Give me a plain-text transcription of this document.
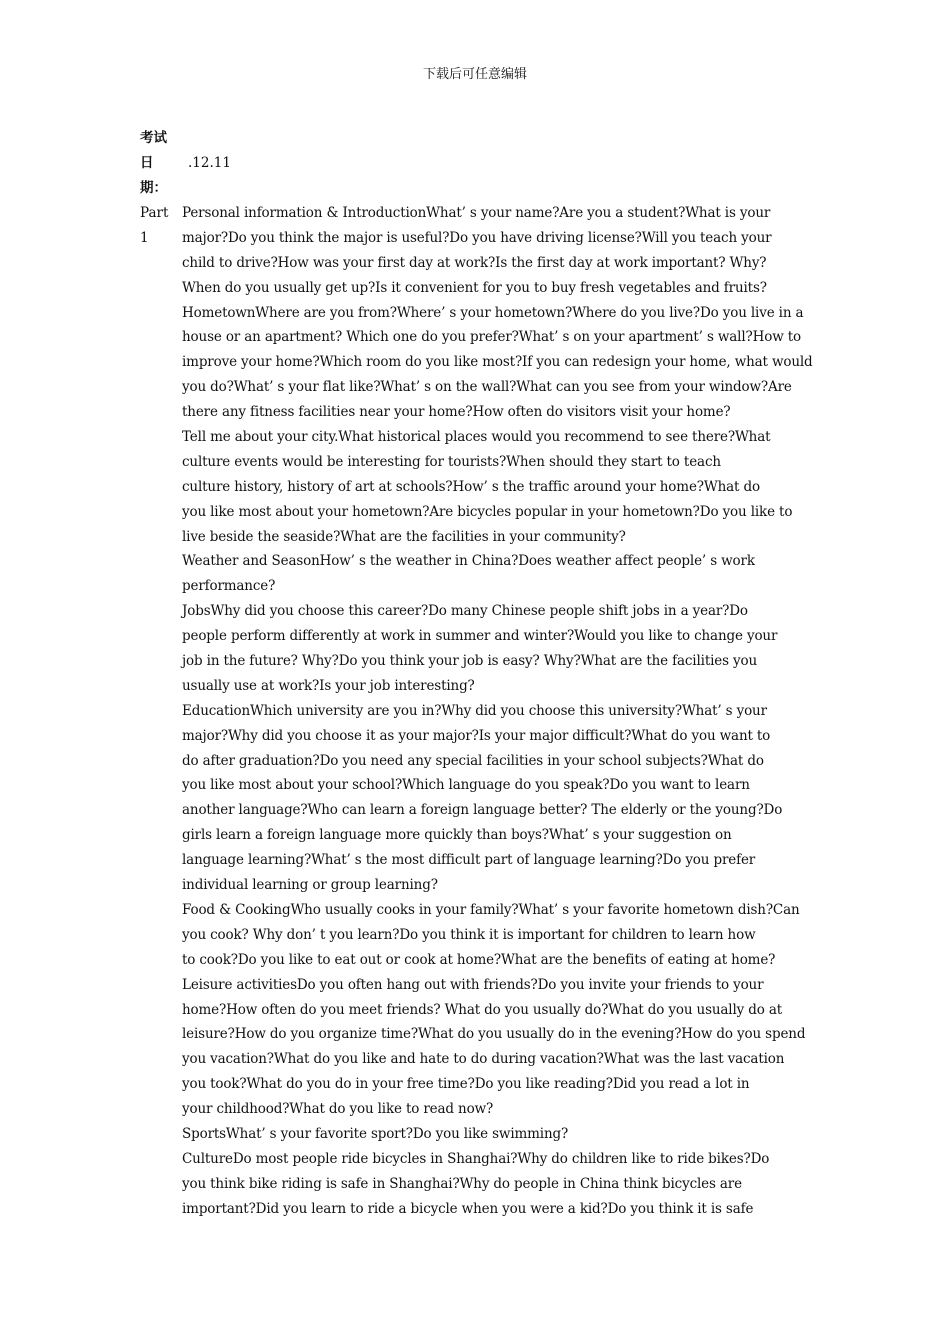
下载后可任意编辑
考试日期：
.12.11
Part 1
Personal information & IntroductionWhat’ s your name?Are you a student?What is your
major?Do you think the major is useful?Do you have driving license?Will you teach your
child to drive?How was your first day at work?Is the first day at work important? Why?
When do you usually get up?Is it convenient for you to buy fresh vegetables and fruits?
HometownWhere are you from?Where’ s your hometown?Where do you live?Do you live in a
house or an apartment? Which one do you prefer?What’ s on your apartment’ s wall?How to
improve your home?Which room do you like most?If you can redesign your home, what would
you do?What’ s your flat like?What’ s on the wall?What can you see from your window?Are
there any fitness facilities near your home?How often do visitors visit your home?
Tell me about your city.What historical places would you recommend to see there?What
culture events would be interesting for tourists?When should they start to teach
culture history, history of art at schools?How’ s the traffic around your home?What do
you like most about your hometown?Are bicycles popular in your hometown?Do you like to
live beside the seaside?What are the facilities in your community?
Weather and SeasonHow’ s the weather in China?Does weather affect people’ s work
performance?
JobsWhy did you choose this career?Do many Chinese people shift jobs in a year?Do
people perform differently at work in summer and winter?Would you like to change your
job in the future? Why?Do you think your job is easy? Why?What are the facilities you
usually use at work?Is your job interesting?
EducationWhich university are you in?Why did you choose this university?What’ s your
major?Why did you choose it as your major?Is your major difficult?What do you want to
do after graduation?Do you need any special facilities in your school subjects?What do
you like most about your school?Which language do you speak?Do you want to learn
another language?Who can learn a foreign language better? The elderly or the young?Do
girls learn a foreign language more quickly than boys?What’ s your suggestion on
language learning?What’ s the most difficult part of language learning?Do you prefer
individual learning or group learning?
Food & CookingWho usually cooks in your family?What’ s your favorite hometown dish?Can
you cook? Why don’ t you learn?Do you think it is important for children to learn how
to cook?Do you like to eat out or cook at home?What are the benefits of eating at home?
Leisure activitiesDo you often hang out with friends?Do you invite your friends to your
home?How often do you meet friends? What do you usually do?What do you usually do at
leisure?How do you organize time?What do you usually do in the evening?How do you spend
you vacation?What do you like and hate to do during vacation?What was the last vacation
you took?What do you do in your free time?Do you like reading?Did you read a lot in
your childhood?What do you like to read now?
SportsWhat’ s your favorite sport?Do you like swimming?
CultureDo most people ride bicycles in Shanghai?Why do children like to ride bikes?Do
you think bike riding is safe in Shanghai?Why do people in China think bicycles are
important?Did you learn to ride a bicycle when you were a kid?Do you think it is safe
